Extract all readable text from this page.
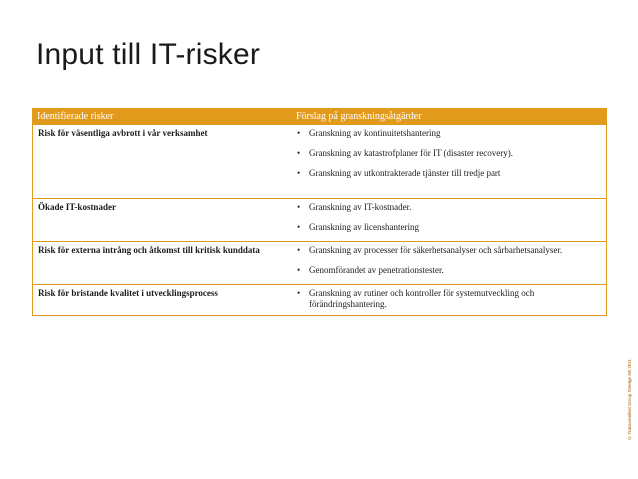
Input till IT-risker
Identifierade risker	Förslag på granskningsåtgärder
Risk för väsentliga avbrott i vår verksamhet	• Granskning av kontinuitetshantering
• Granskning av katastrofplaner för IT (disaster recovery).
• Granskning av utkontrakterade tjänster till tredje part
Ökade IT-kostnader	• Granskning av IT-kostnader.
• Granskning av licenshantering
Risk för externa intrång och åtkomst till kritisk kunddata	• Granskning av processer för säkerhetsanalyser och sårbarhetsanalyser.
• Genomförandet av penetrationstester.
Risk för bristande kvalitet i utvecklingsprocess	• Granskning av rutiner och kontroller för systemutveckling och förändringshantering.
© Transcendent Group Sverige AB 2011
